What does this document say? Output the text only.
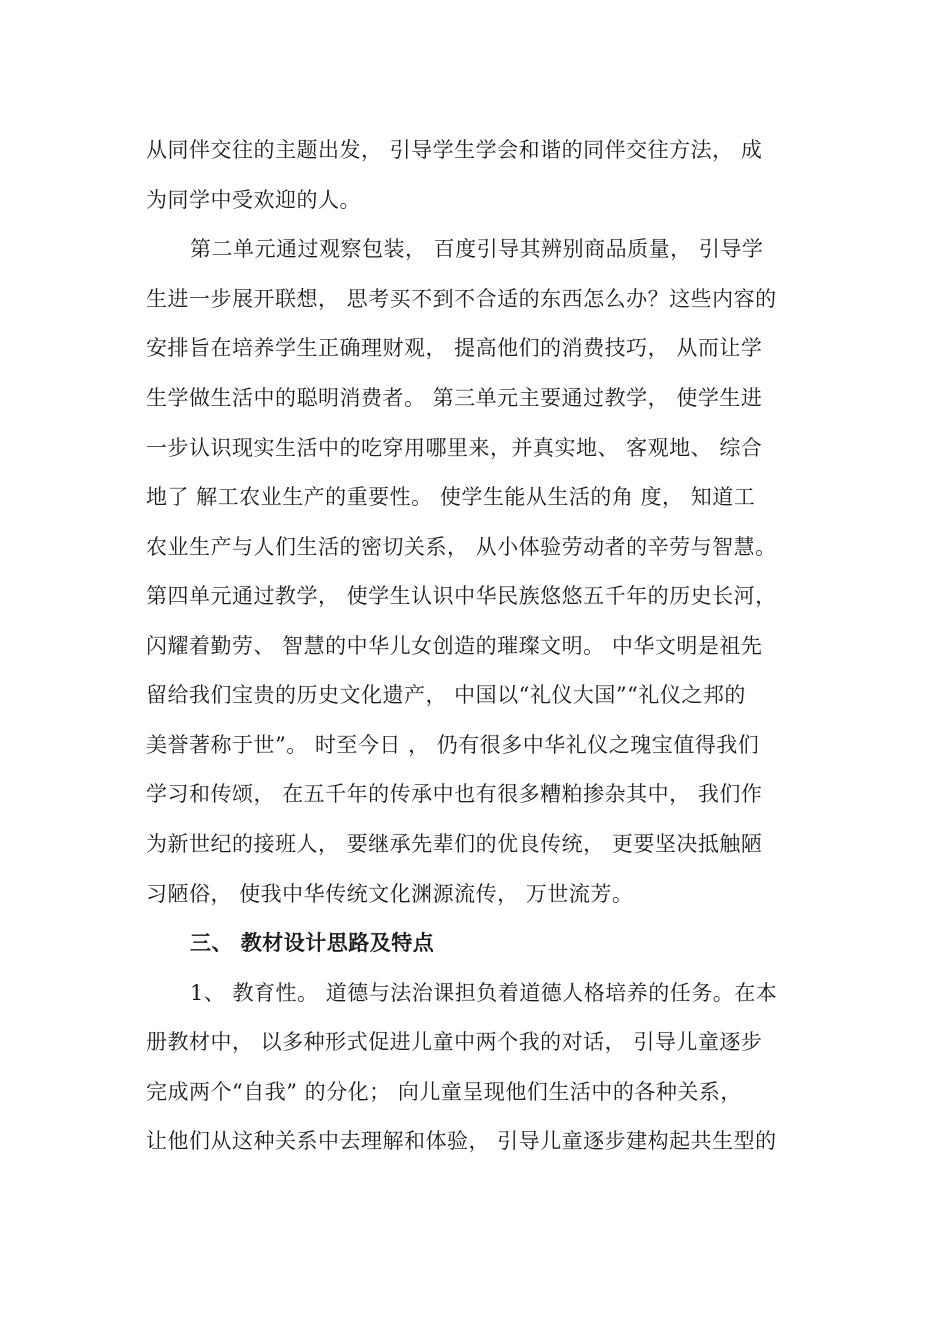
从同伴交往的主题出发， 引导学生学会和谐的同伴交往方法， 成
为同学中受欢迎的人。
第二单元通过观察包装， 百度引导其辨别商品质量， 引导学
生进一步展开联想， 思考买不到不合适的东西怎么办？这些内容的
安排旨在培养学生正确理财观， 提高他们的消费技巧， 从而让学
生学做生活中的聪明消费者。 第三单元主要通过教学， 使学生进
一步认识现实生活中的吃穿用哪里来，并真实地、 客观地、 综合
地了 解工农业生产的重要性。 使学生能从生活的角 度， 知道工
农业生产与人们生活的密切关系， 从小体验劳动者的辛劳与智慧。
第四单元通过教学， 使学生认识中华民族悠悠五千年的历史长河，
闪耀着勤劳、 智慧的中华儿女创造的璀璨文明。 中华文明是祖先
留给我们宝贵的历史文化遗产， 中国以“礼仪大国”“礼仪之邦的
美誉著称于世”。 时至今日 ， 仍有很多中华礼仪之瑰宝值得我们
学习和传颂， 在五千年的传承中也有很多糟粕掺杂其中， 我们作
为新世纪的接班人， 要继承先辈们的优良传统， 更要坚决抵触陋
习陋俗， 使我中华传统文化渊源流传， 万世流芳。
三、 教材设计思路及特点
1、 教育性。 道德与法治课担负着道德人格培养的任务。在本
册教材中， 以多种形式促进儿童中两个我的对话， 引导儿童逐步
完成两个“自我” 的分化； 向儿童呈现他们生活中的各种关系，
让他们从这种关系中去理解和体验， 引导儿童逐步建构起共生型的
